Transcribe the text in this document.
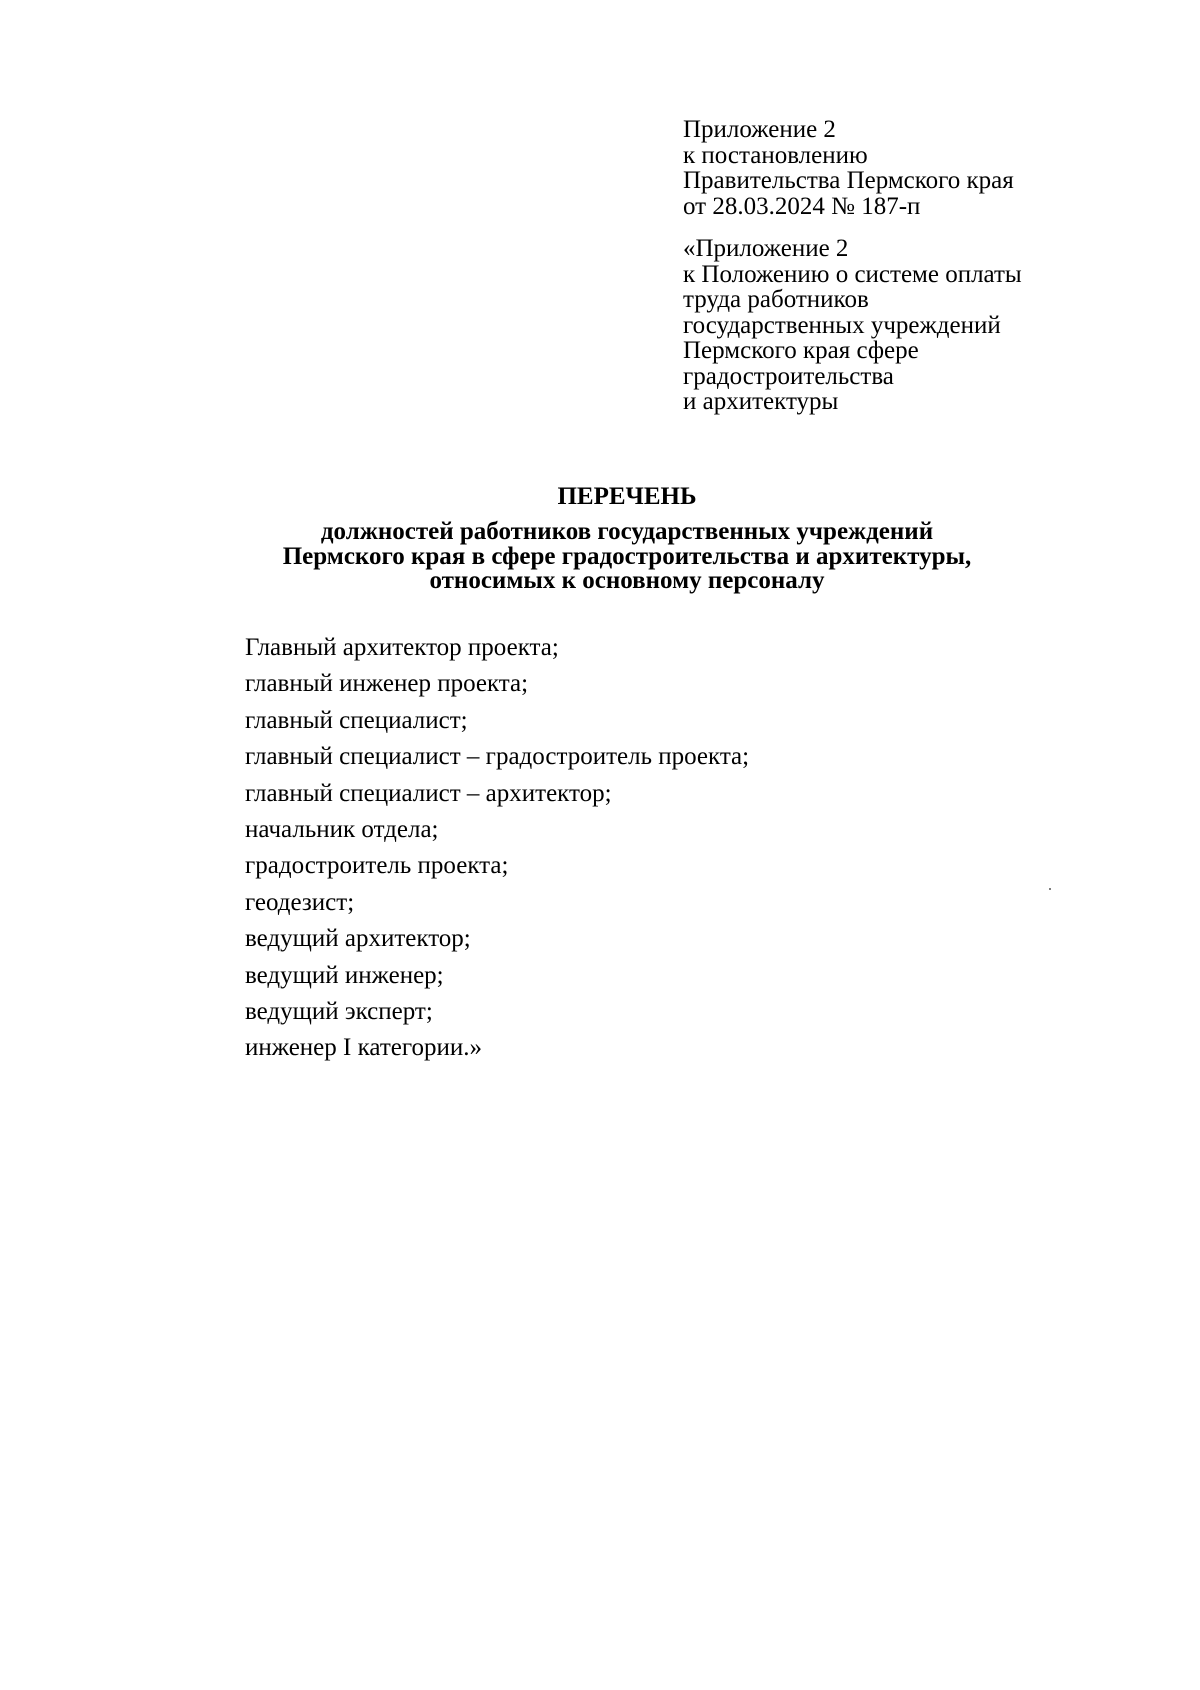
Приложение 2
к постановлению
Правительства Пермского края
от 28.03.2024 № 187-п
«Приложение 2
к Положению о системе оплаты
труда работников
государственных учреждений
Пермского края сфере
градостроительства
и архитектуры
ПЕРЕЧЕНЬ
должностей работников государственных учреждений
Пермского края в сфере градостроительства и архитектуры,
относимых к основному персоналу
Главный архитектор проекта;
главный инженер проекта;
главный специалист;
главный специалист – градостроитель проекта;
главный специалист – архитектор;
начальник отдела;
градостроитель проекта;
геодезист;
ведущий архитектор;
ведущий инженер;
ведущий эксперт;
инженер I категории.»
